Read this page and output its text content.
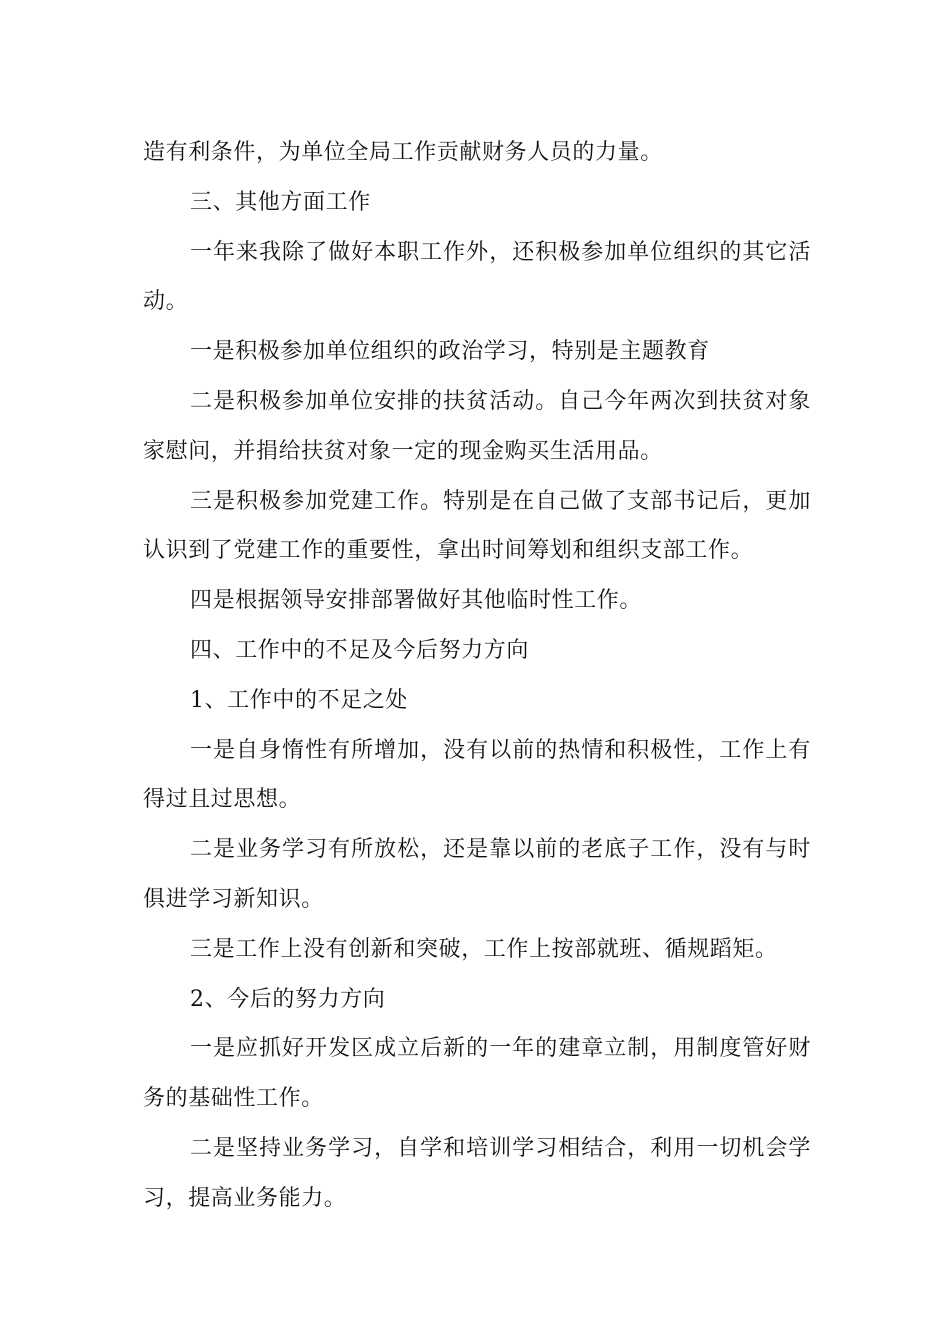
造有利条件，为单位全局工作贡献财务人员的力量。

三、其他方面工作

一年来我除了做好本职工作外，还积极参加单位组织的其它活动。

一是积极参加单位组织的政治学习，特别是主题教育

二是积极参加单位安排的扶贫活动。自己今年两次到扶贫对象家慰问，并捐给扶贫对象一定的现金购买生活用品。

三是积极参加党建工作。特别是在自己做了支部书记后，更加认识到了党建工作的重要性，拿出时间筹划和组织支部工作。

四是根据领导安排部署做好其他临时性工作。

四、工作中的不足及今后努力方向

1、工作中的不足之处

一是自身惰性有所增加，没有以前的热情和积极性，工作上有得过且过思想。

二是业务学习有所放松，还是靠以前的老底子工作，没有与时俱进学习新知识。

三是工作上没有创新和突破，工作上按部就班、循规蹈矩。

2、今后的努力方向

一是应抓好开发区成立后新的一年的建章立制，用制度管好财务的基础性工作。

二是坚持业务学习，自学和培训学习相结合，利用一切机会学习，提高业务能力。
